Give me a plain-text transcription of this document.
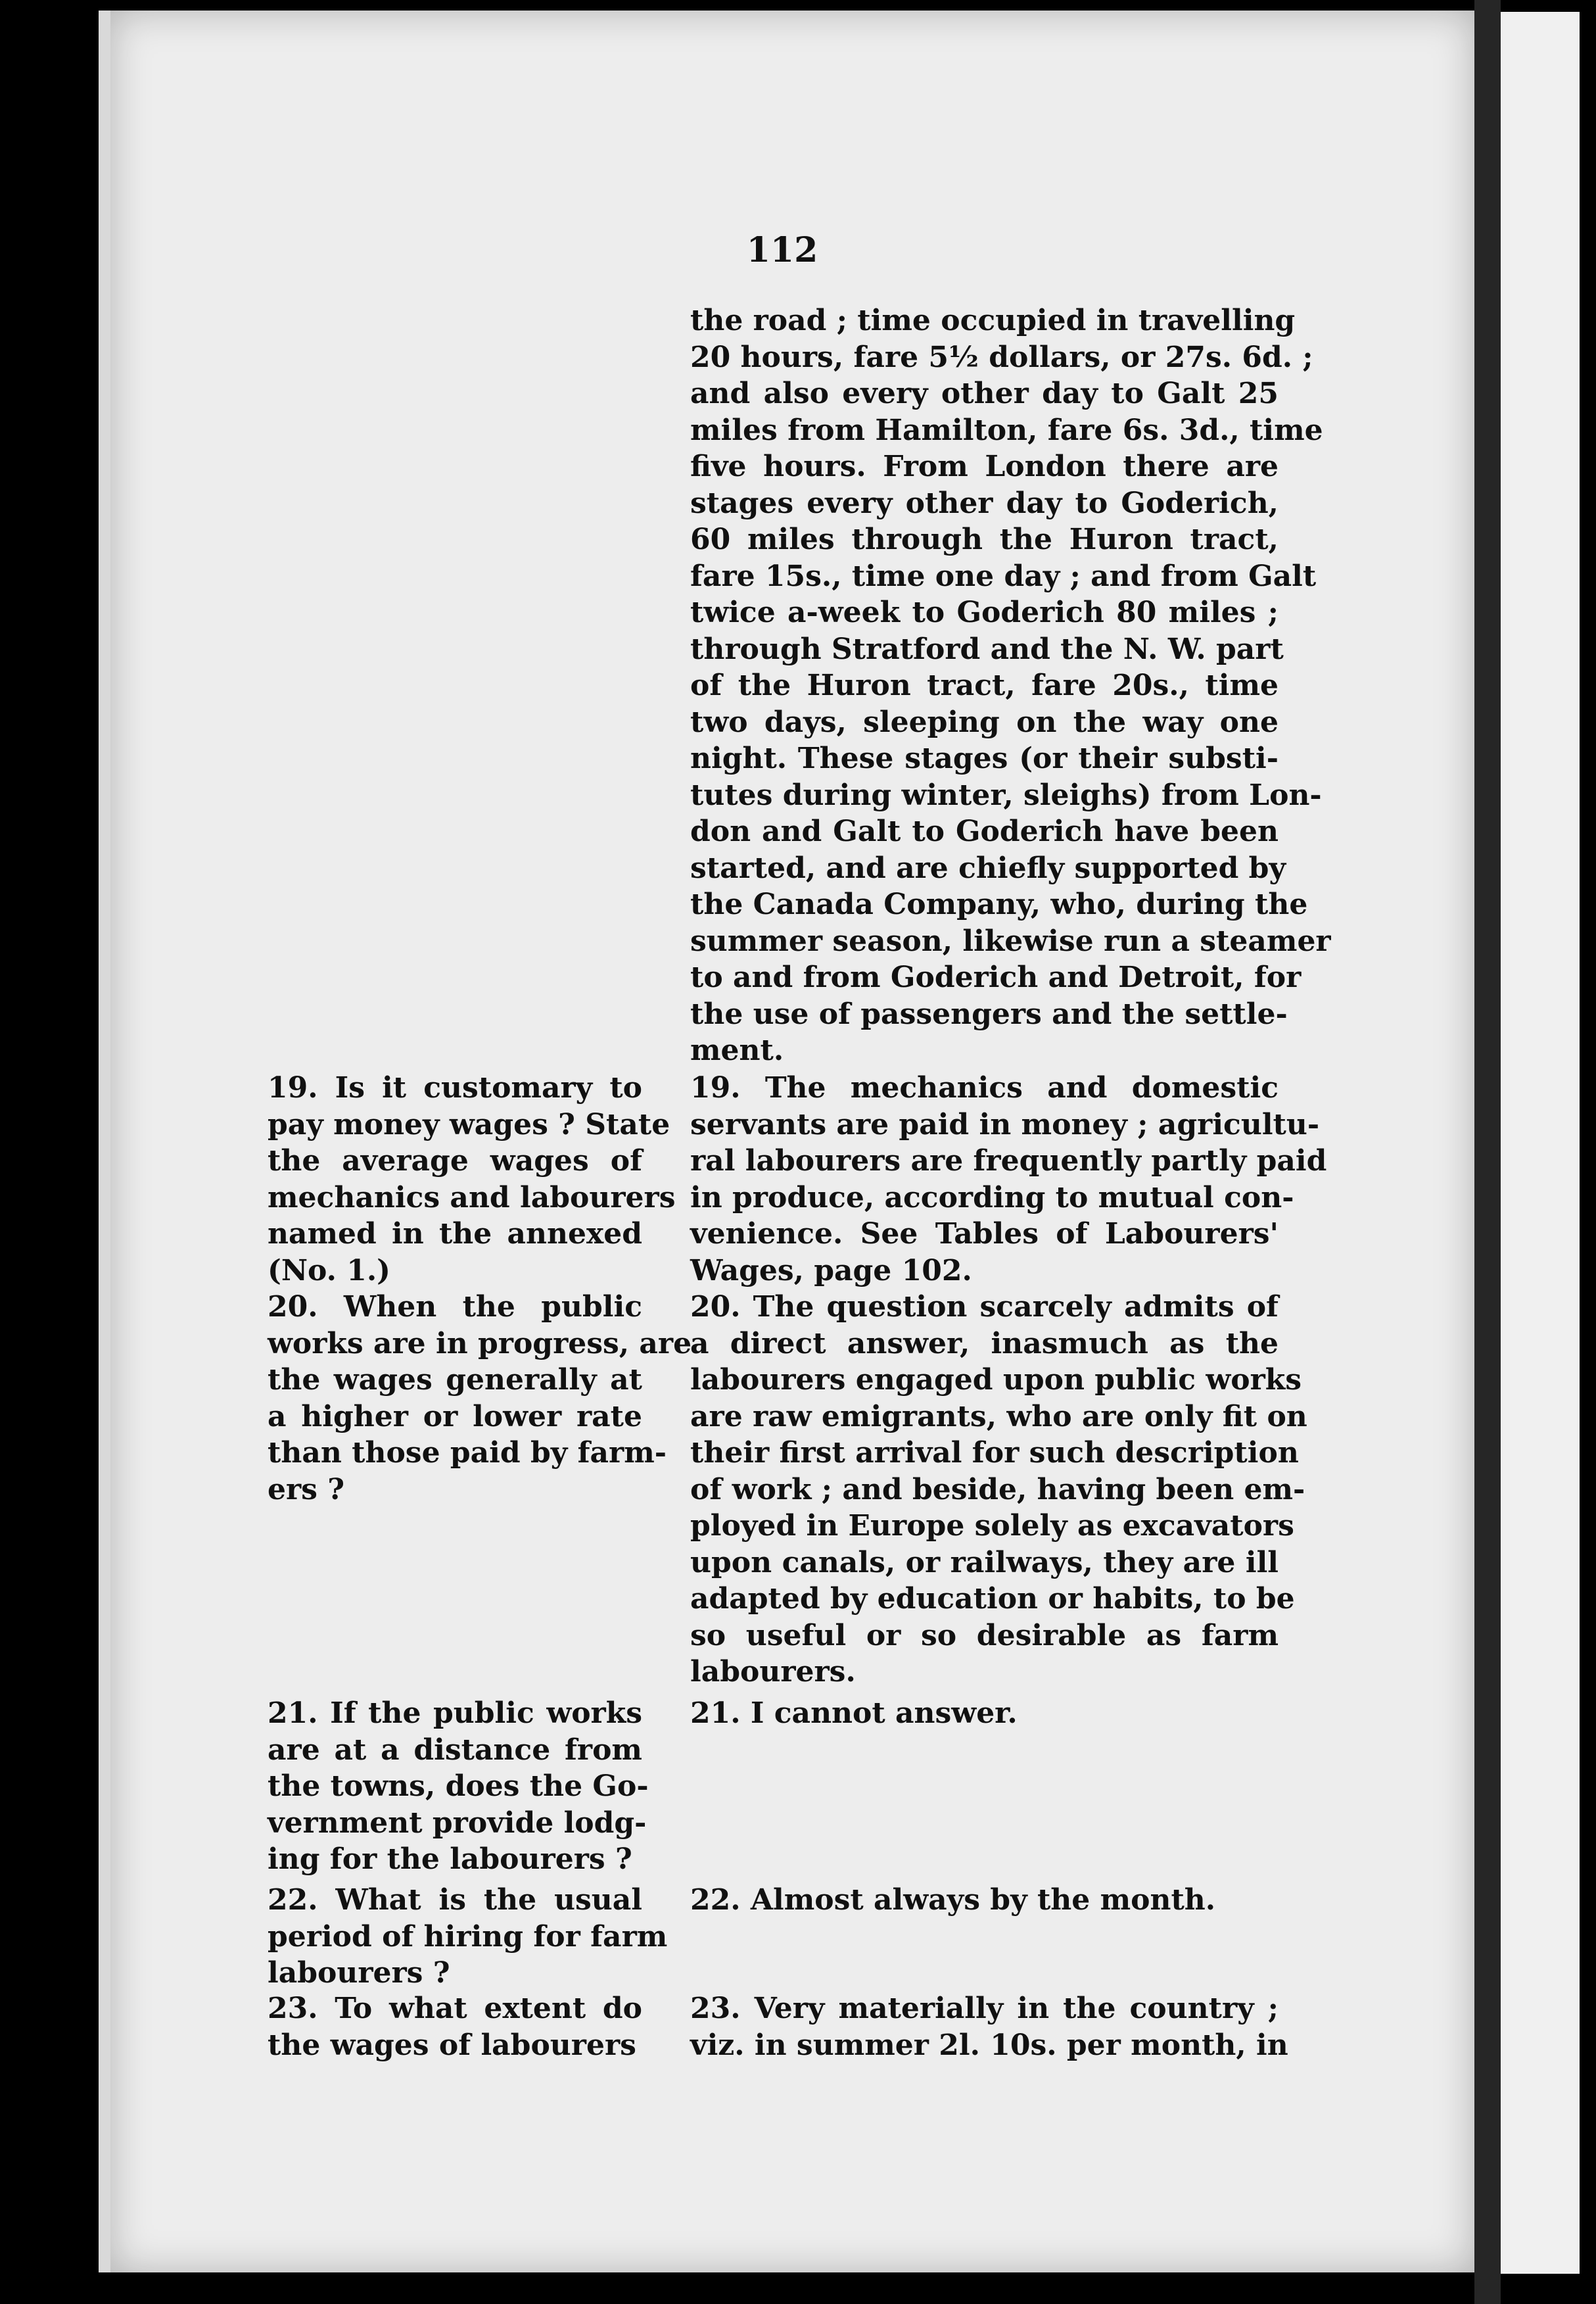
112

the road ; time occupied in travelling
20 hours, fare 5½ dollars, or 27s. 6d. ;
and also every other day to Galt 25
miles from Hamilton, fare 6s. 3d., time
five hours. From London there are
stages every other day to Goderich,
60 miles through the Huron tract,
fare 15s., time one day ; and from Galt
twice a-week to Goderich 80 miles ;
through Stratford and the N. W. part
of the Huron tract, fare 20s., time
two days, sleeping on the way one
night. These stages (or their substi-
tutes during winter, sleighs) from Lon-
don and Galt to Goderich have been
started, and are chiefly supported by
the Canada Company, who, during the
summer season, likewise run a steamer
to and from Goderich and Detroit, for
the use of passengers and the settle-
ment.

19. Is it customary to
pay money wages ? State
the average wages of
mechanics and labourers
named in the annexed
(No. 1.)

19. The mechanics and domestic
servants are paid in money ; agricultu-
ral labourers are frequently partly paid
in produce, according to mutual con-
venience. See Tables of Labourers'
Wages, page 102.

20. When the public
works are in progress, are
the wages generally at
a higher or lower rate
than those paid by farm-
ers ?

20. The question scarcely admits of
a direct answer, inasmuch as the
labourers engaged upon public works
are raw emigrants, who are only fit on
their first arrival for such description
of work ; and beside, having been em-
ployed in Europe solely as excavators
upon canals, or railways, they are ill
adapted by education or habits, to be
so useful or so desirable as farm
labourers.

21. If the public works
are at a distance from
the towns, does the Go-
vernment provide lodg-
ing for the labourers ?

21. I cannot answer.

22. What is the usual
period of hiring for farm
labourers ?

22. Almost always by the month.

23. To what extent do
the wages of labourers

23. Very materially in the country ;
viz. in summer 2l. 10s. per month, in
